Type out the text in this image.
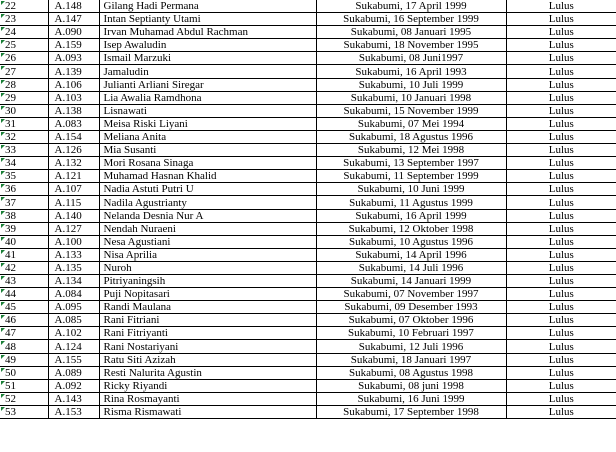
22	A.148	Gilang Hadi Permana	Sukabumi, 17 April 1999	Lulus
23	A.147	Intan Septianty Utami	Sukabumi, 16 September 1999	Lulus
24	A.090	Irvan Muhamad Abdul Rachman	Sukabumi, 08 Januari 1995	Lulus
25	A.159	Isep Awaludin	Sukabumi, 18 November 1995	Lulus
26	A.093	Ismail Marzuki	Sukabumi, 08 Juni1997	Lulus
27	A.139	Jamaludin	Sukabumi, 16 April 1993	Lulus
28	A.106	Julianti Arliani Siregar	Sukabumi, 10 Juli 1999	Lulus
29	A.103	Lia Awalia Ramdhona	Sukabumi, 10 Januari 1998	Lulus
30	A.138	Lisnawati	Sukabumi, 15 November 1999	Lulus
31	A.083	Meisa Riski Liyani	Sukabumi, 07 Mei 1994	Lulus
32	A.154	Meliana Anita	Sukabumi, 18 Agustus 1996	Lulus
33	A.126	Mia Susanti	Sukabumi, 12 Mei 1998	Lulus
34	A.132	Mori Rosana Sinaga	Sukabumi, 13 September 1997	Lulus
35	A.121	Muhamad Hasnan Khalid	Sukabumi, 11 September 1999	Lulus
36	A.107	Nadia Astuti Putri U	Sukabumi, 10 Juni 1999	Lulus
37	A.115	Nadila Agustrianty	Sukabumi, 11 Agustus 1999	Lulus
38	A.140	Nelanda Desnia Nur A	Sukabumi, 16 April 1999	Lulus
39	A.127	Nendah Nuraeni	Sukabumi, 12 Oktober 1998	Lulus
40	A.100	Nesa Agustiani	Sukabumi, 10 Agustus 1996	Lulus
41	A.133	Nisa Aprilia	Sukabumi, 14 April 1996	Lulus
42	A.135	Nuroh	Sukabumi, 14 Juli 1996	Lulus
43	A.134	Pitriyaningsih	Sukabumi, 14 Januari 1999	Lulus
44	A.084	Puji Nopitasari	Sukabumi, 07 November 1997	Lulus
45	A.095	Randi Maulana	Sukabumi, 09 Desember 1993	Lulus
46	A.085	Rani Fitriani	Sukabumi, 07 Oktober 1996	Lulus
47	A.102	Rani Fitriyanti	Sukabumi, 10 Februari 1997	Lulus
48	A.124	Rani Nostariyani	Sukabumi, 12 Juli 1996	Lulus
49	A.155	Ratu Siti Azizah	Sukabumi, 18 Januari 1997	Lulus
50	A.089	Resti Nalurita Agustin	Sukabumi, 08 Agustus 1998	Lulus
51	A.092	Ricky Riyandi	Sukabumi, 08 juni 1998	Lulus
52	A.143	Rina Rosmayanti	Sukabumi, 16 Juni 1999	Lulus
53	A.153	Risma Rismawati	Sukabumi, 17 September 1998	Lulus
